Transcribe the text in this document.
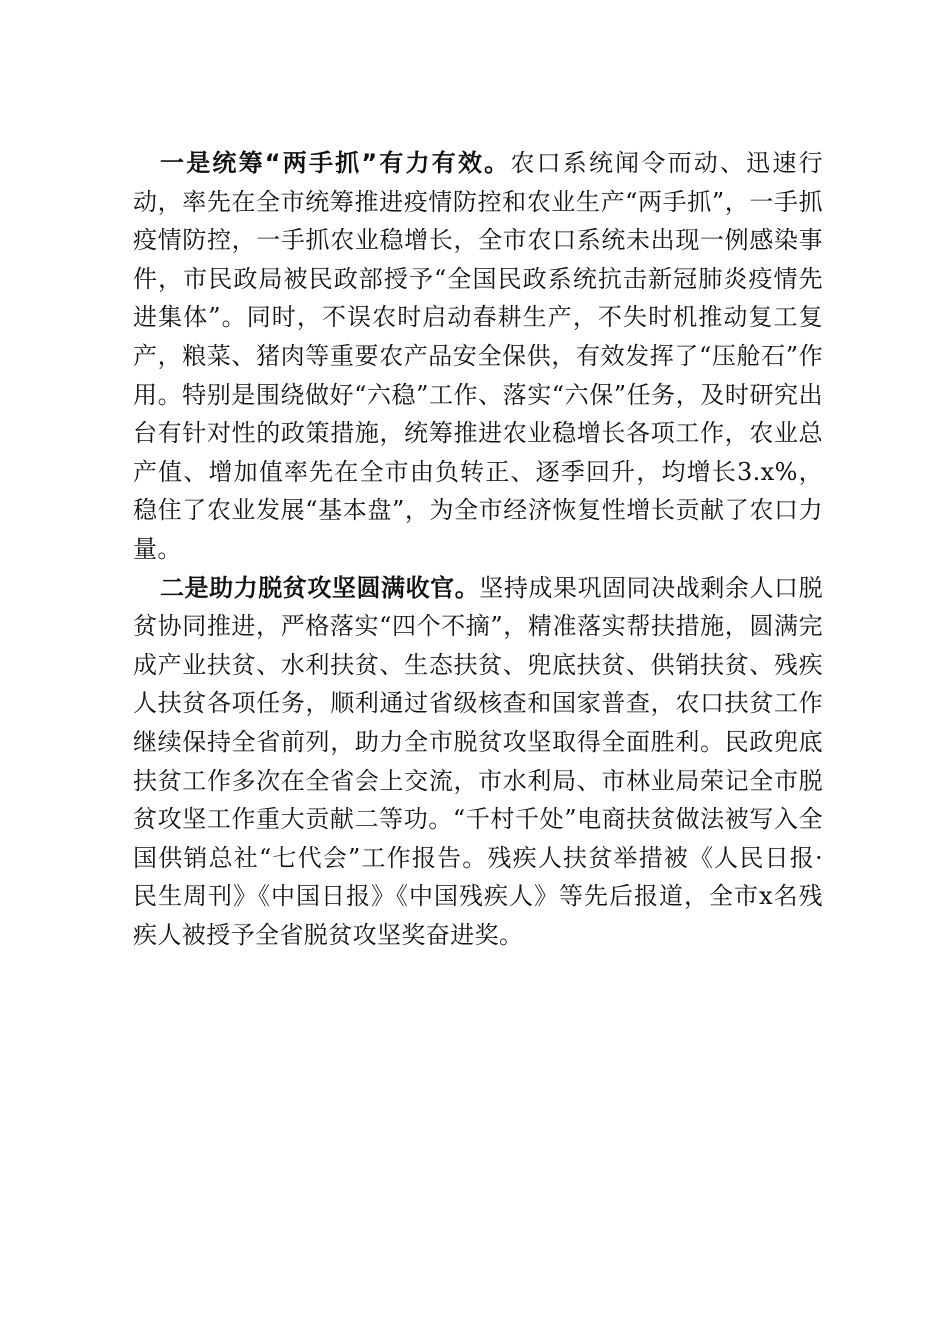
一是统筹“两手抓”有力有效。农口系统闻令而动、迅速行动，率先在全市统筹推进疫情防控和农业生产“两手抓”，一手抓疫情防控，一手抓农业稳增长，全市农口系统未出现一例感染事件，市民政局被民政部授予“全国民政系统抗击新冠肺炎疫情先进集体”。同时，不误农时启动春耕生产，不失时机推动复工复产，粮菜、猪肉等重要农产品安全保供，有效发挥了“压舱石”作用。特别是围绕做好“六稳”工作、落实“六保”任务，及时研究出台有针对性的政策措施，统筹推进农业稳增长各项工作，农业总产值、增加值率先在全市由负转正、逐季回升，均增长3.x%，稳住了农业发展“基本盘”，为全市经济恢复性增长贡献了农口力量。

二是助力脱贫攻坚圆满收官。坚持成果巩固同决战剩余人口脱贫协同推进，严格落实“四个不摘”，精准落实帮扶措施，圆满完成产业扶贫、水利扶贫、生态扶贫、兜底扶贫、供销扶贫、残疾人扶贫各项任务，顺利通过省级核查和国家普查，农口扶贫工作继续保持全省前列，助力全市脱贫攻坚取得全面胜利。民政兜底扶贫工作多次在全省会上交流，市水利局、市林业局荣记全市脱贫攻坚工作重大贡献二等功。“千村千处”电商扶贫做法被写入全国供销总社“七代会”工作报告。残疾人扶贫举措被《人民日报·民生周刊》《中国日报》《中国残疾人》等先后报道，全市x名残疾人被授予全省脱贫攻坚奖奋进奖。
